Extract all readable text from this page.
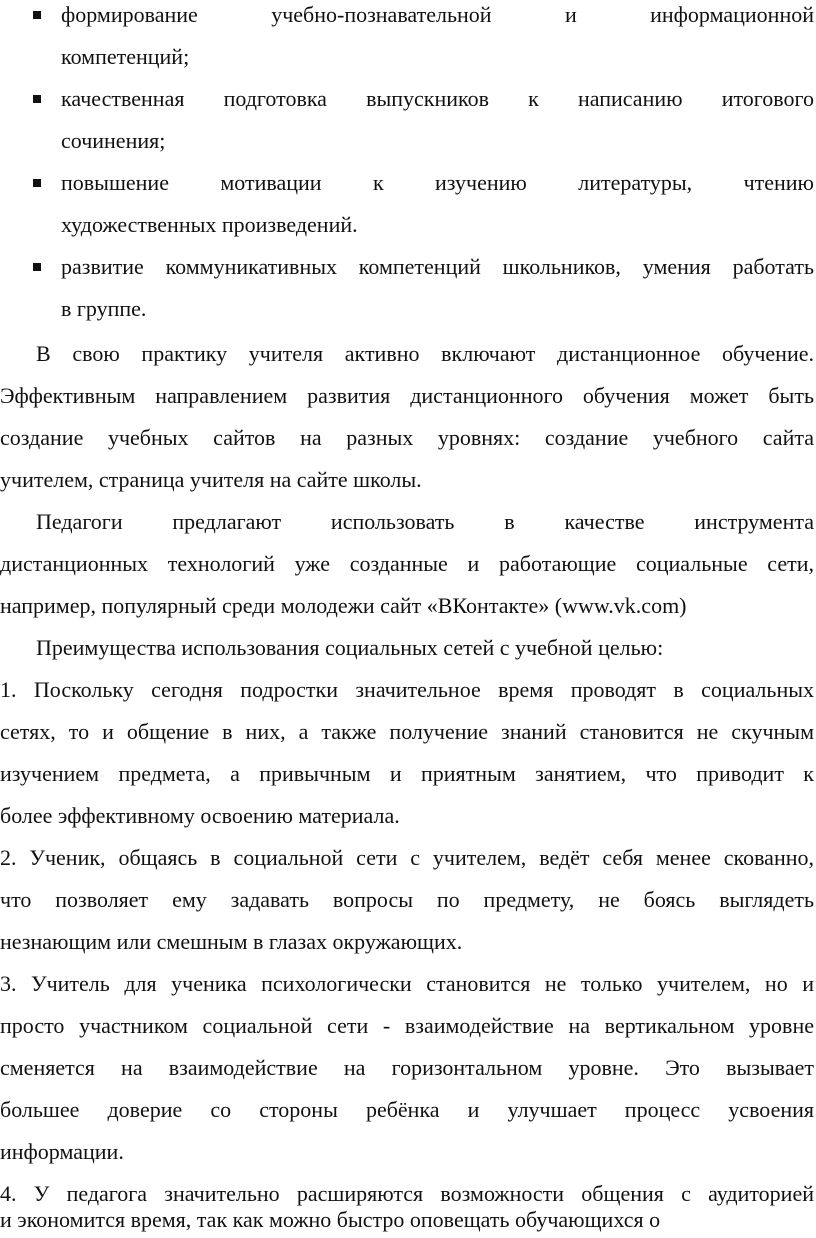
формирование учебно-познавательной и информационной
компетенций;
качественная подготовка выпускников к написанию итогового
сочинения;
повышение мотивации к изучению литературы, чтению
художественных произведений.
развитие коммуникативных компетенций школьников, умения работать
в группе.
В свою практику учителя активно включают дистанционное обучение.
Эффективным направлением развития дистанционного обучения может быть
создание учебных сайтов на разных уровнях: создание учебного сайта
учителем, страница учителя на сайте школы.
Педагоги предлагают использовать в качестве инструмента
дистанционных технологий уже созданные и работающие социальные сети,
например, популярный среди молодежи сайт «ВКонтакте» (www.vk.com)
Преимущества использования социальных сетей с учебной целью:
1. Поскольку сегодня подростки значительное время проводят в социальных
сетях, то и общение в них, а также получение знаний становится не скучным
изучением предмета, а привычным и приятным занятием, что приводит к
более эффективному освоению материала.
2. Ученик, общаясь в социальной сети с учителем, ведёт себя менее скованно,
что позволяет ему задавать вопросы по предмету, не боясь выглядеть
незнающим или смешным в глазах окружающих.
3. Учитель для ученика психологически становится не только учителем, но и
просто участником социальной сети - взаимодействие на вертикальном уровне
сменяется на взаимодействие на горизонтальном уровне. Это вызывает
большее доверие со стороны ребёнка и улучшает процесс усвоения
информации.
4. У педагога значительно расширяются возможности общения с аудиторией
и экономится время, так как можно быстро оповещать обучающихся о
